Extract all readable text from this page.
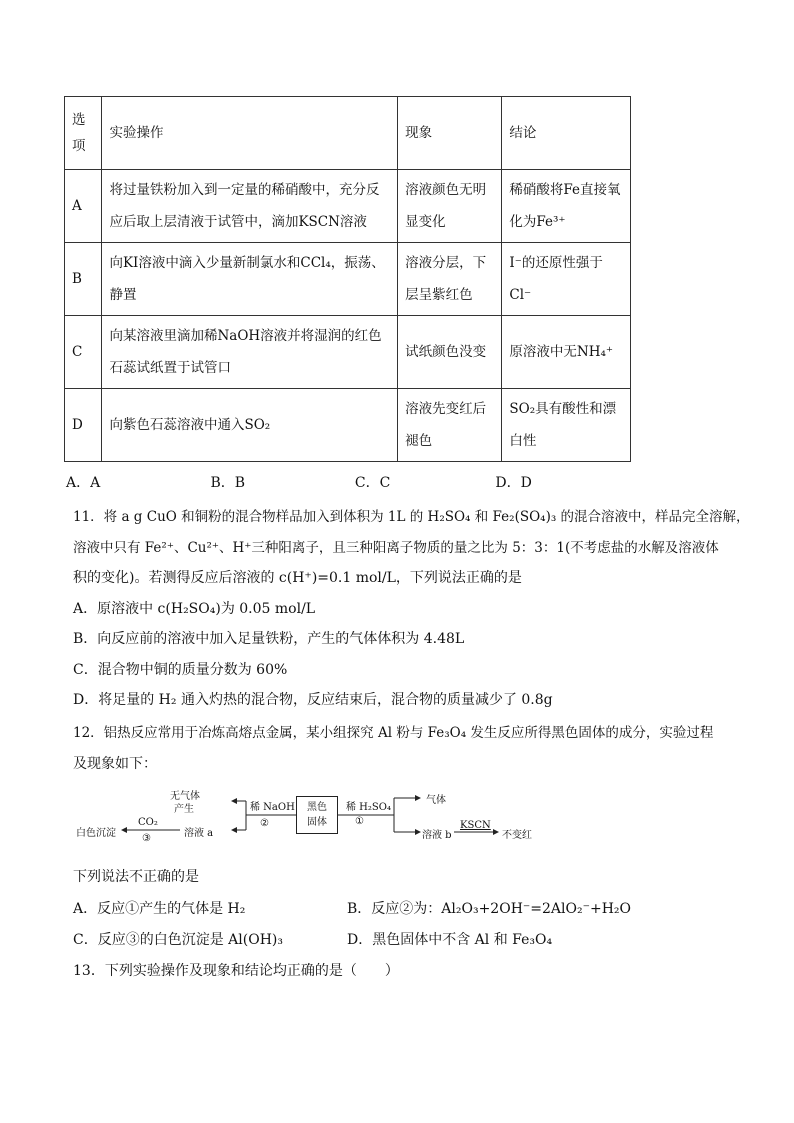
选项	实验操作	现象	结论
A	将过量铁粉加入到一定量的稀硝酸中，充分反应后取上层清液于试管中，滴加KSCN溶液	溶液颜色无明显变化	稀硝酸将Fe直接氧化为Fe³⁺
B	向KI溶液中滴入少量新制氯水和CCl₄，振荡、静置	溶液分层，下层呈紫红色	I⁻的还原性强于Cl⁻
C	向某溶液里滴加稀NaOH溶液并将湿润的红色石蕊试纸置于试管口	试纸颜色没变	原溶液中无NH₄⁺
D	向紫色石蕊溶液中通入SO₂	溶液先变红后褪色	SO₂具有酸性和漂白性
A．A	B．B	C．C	D．D
11．将 a g CuO 和铜粉的混合物样品加入到体积为 1L 的 H₂SO₄ 和 Fe₂(SO₄)₃ 的混合溶液中，样品完全溶解，
溶液中只有 Fe²⁺、Cu²⁺、H⁺三种阳离子，且三种阳离子物质的量之比为 5：3：1(不考虑盐的水解及溶液体
积的变化)。若测得反应后溶液的 c(H⁺)=0.1 mol/L，下列说法正确的是
A．原溶液中 c(H₂SO₄)为 0.05 mol/L
B．向反应前的溶液中加入足量铁粉，产生的气体体积为 4.48L
C．混合物中铜的质量分数为 60%
D．将足量的 H₂ 通入灼热的混合物，反应结束后，混合物的质量减少了 0.8g
12．铝热反应常用于冶炼高熔点金属，某小组探究 Al 粉与 Fe₃O₄ 发生反应所得黑色固体的成分，实验过程
及现象如下：
无气体
产生	稀 NaOH
②
黑色
固体
稀 H₂SO₄
①
气体
溶液 a
CO₂
③
白色沉淀	溶液 b
KSCN
不变红
下列说法不正确的是
A．反应①产生的气体是 H₂	B．反应②为：Al₂O₃+2OH⁻=2AlO₂⁻+H₂O
C．反应③的白色沉淀是 Al(OH)₃	D．黑色固体中不含 Al 和 Fe₃O₄
13．下列实验操作及现象和结论均正确的是（　　）
